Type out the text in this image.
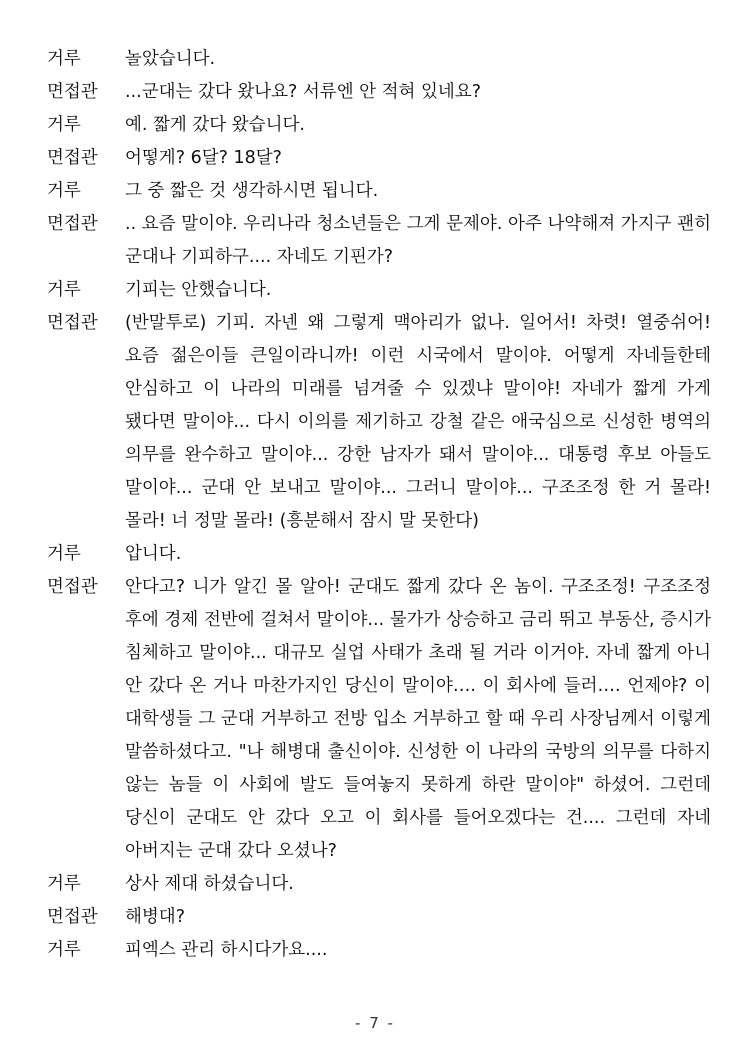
거루	놀았습니다.
면접관	...군대는 갔다 왔나요? 서류엔 안 적혀 있네요?
거루	예. 짧게 갔다 왔습니다.
면접관	어떻게? 6달? 18달?
거루	그 중 짧은 것 생각하시면 됩니다.
면접관	.. 요즘 말이야. 우리나라 청소년들은 그게 문제야. 아주 나약해져 가지구 괜히 군대나 기피하구.... 자네도 기핀가?
거루	기피는 안했습니다.
면접관	(반말투로) 기피. 자넨 왜 그렇게 맥아리가 없나. 일어서! 차렷! 열중쉬어! 요즘 젊은이들 큰일이라니까! 이런 시국에서 말이야. 어떻게 자네들한테 안심하고 이 나라의 미래를 넘겨줄 수 있겠냐 말이야! 자네가 짧게 가게 됐다면 말이야... 다시 이의를 제기하고 강철 같은 애국심으로 신성한 병역의 의무를 완수하고 말이야... 강한 남자가 돼서 말이야... 대통령 후보 아들도 말이야... 군대 안 보내고 말이야... 그러니 말이야... 구조조정 한 거 몰라! 몰라! 너 정말 몰라! (흥분해서 잠시 말 못한다)
거루	압니다.
면접관	안다고? 니가 알긴 몰 알아! 군대도 짧게 갔다 온 놈이. 구조조정! 구조조정 후에 경제 전반에 걸쳐서 말이야... 물가가 상승하고 금리 뛰고 부동산, 증시가 침체하고 말이야... 대규모 실업 사태가 초래 될 거라 이거야. 자네 짧게 아니 안 갔다 온 거나 마찬가지인 당신이 말이야…. 이 회사에 들러…. 언제야? 이 대학생들 그 군대 거부하고 전방 입소 거부하고 할 때 우리 사장님께서 이렇게 말씀하셨다고. "나 해병대 출신이야. 신성한 이 나라의 국방의 의무를 다하지 않는 놈들 이 사회에 발도 들여놓지 못하게 하란 말이야" 하셨어. 그런데 당신이 군대도 안 갔다 오고 이 회사를 들어오겠다는 건.... 그런데 자네 아버지는 군대 갔다 오셨나?
거루	상사 제대 하셨습니다.
면접관	해병대?
거루	피엑스 관리 하시다가요....
- 7 -
